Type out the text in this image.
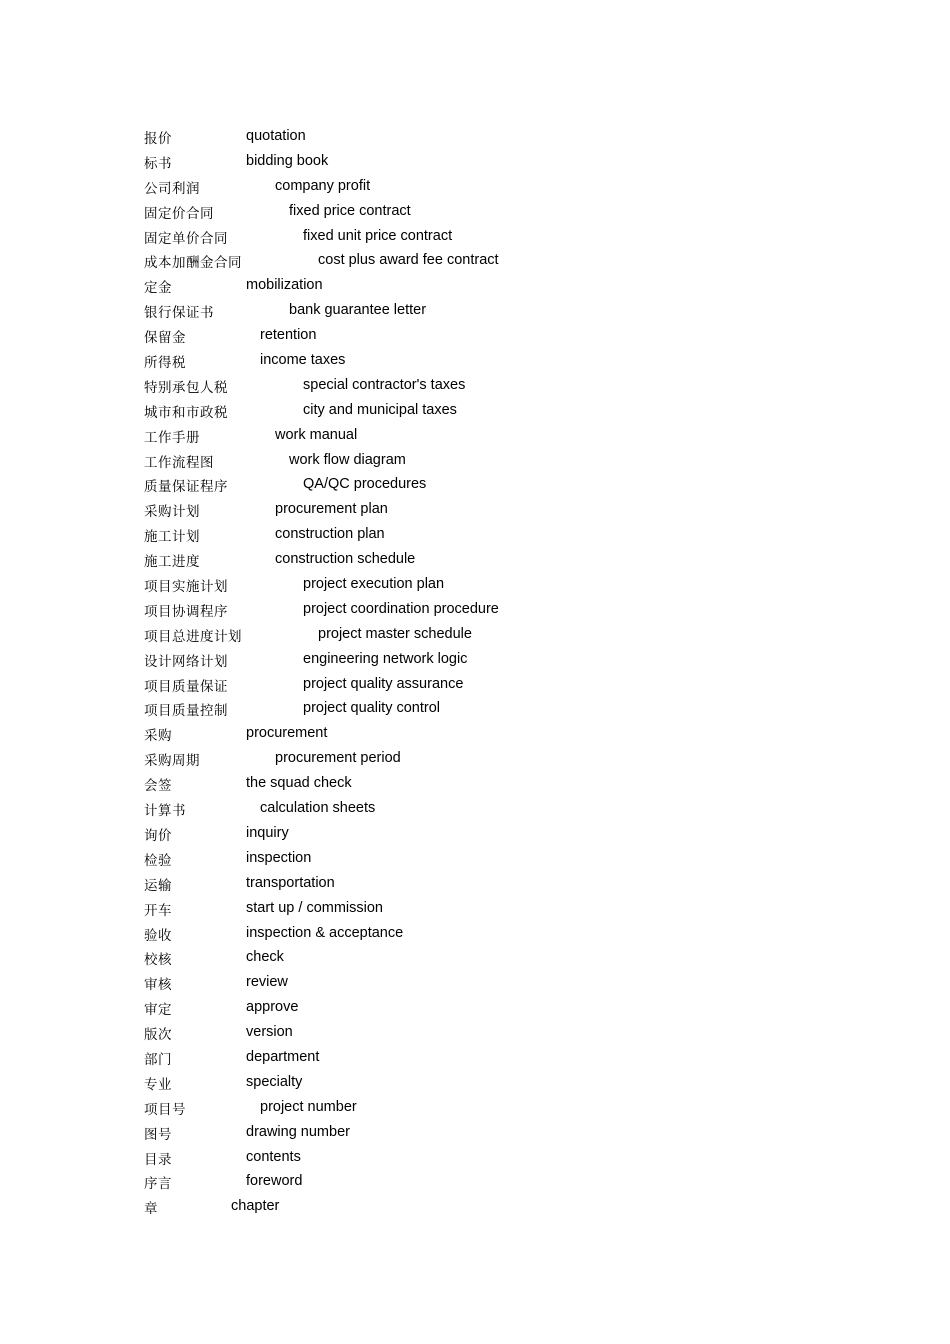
报价	quotation
标书	bidding book
公司利润	company profit
固定价合同	fixed price contract
固定单价合同	fixed unit price contract
成本加酬金合同	cost plus award fee contract
定金	mobilization
银行保证书	bank guarantee letter
保留金	retention
所得税	income taxes
特别承包人税	special contractor's taxes
城市和市政税	city and municipal taxes
工作手册	work manual
工作流程图	work flow diagram
质量保证程序	QA/QC procedures
采购计划	procurement plan
施工计划	construction plan
施工进度	construction schedule
项目实施计划	project execution plan
项目协调程序	project coordination procedure
项目总进度计划	project master schedule
设计网络计划	engineering network logic
项目质量保证	project quality assurance
项目质量控制	project quality control
采购	procurement
采购周期	procurement period
会签	the squad check
计算书	calculation sheets
询价	inquiry
检验	inspection
运输	transportation
开车	start up / commission
验收	inspection & acceptance
校核	check
审核	review
审定	approve
版次	version
部门	department
专业	specialty
项目号	project number
图号	drawing number
目录	contents
序言	foreword
章	chapter
